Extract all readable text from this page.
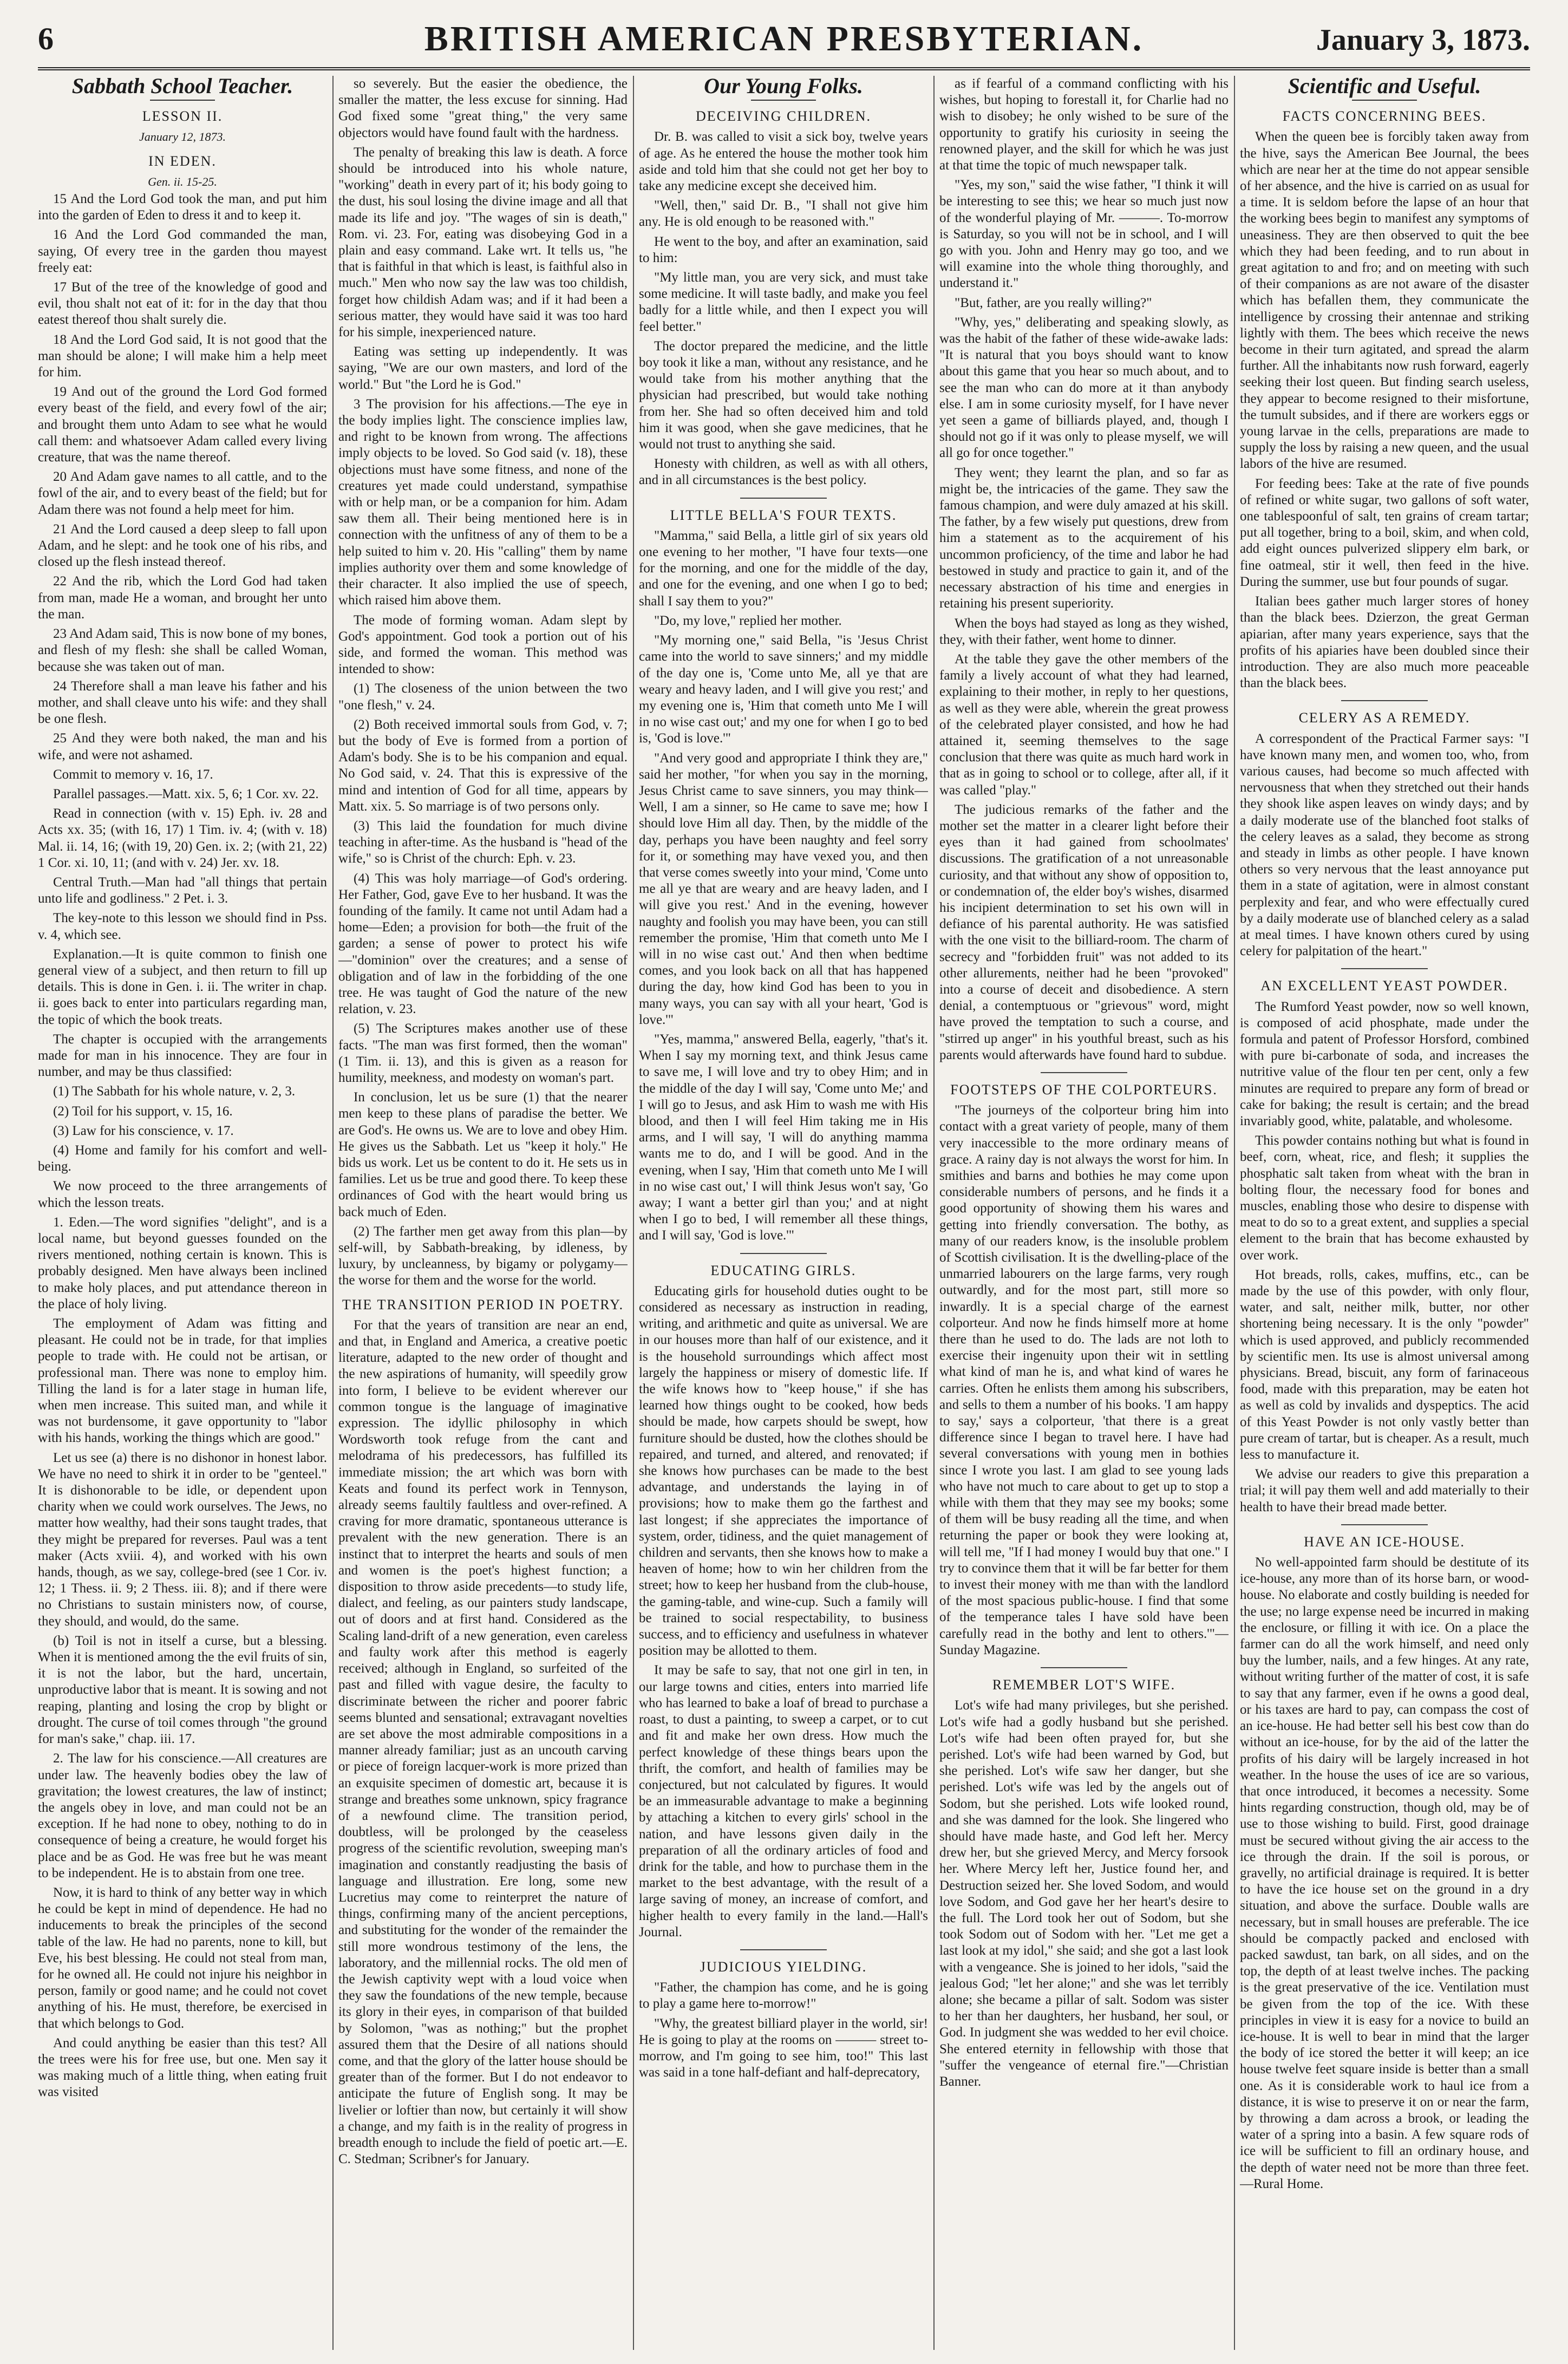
6	BRITISH AMERICAN PRESBYTERIAN.	January 3, 1873.
Sabbath School Teacher.
LESSON II.
January 12, 1873.
IN EDEN.
Gen. ii. 15-25.

15 And the Lord God took the man, and put him into the garden of Eden to dress it and to keep it.

16 And the Lord God commanded the man, saying, Of every tree in the garden thou mayest freely eat:

17 But of the tree of the knowledge of good and evil, thou shalt not eat of it: for in the day that thou eatest thereof thou shalt surely die.

18 And the Lord God said, It is not good that the man should be alone; I will make him a help meet for him.

19 And out of the ground the Lord God formed every beast of the field, and every fowl of the air; and brought them unto Adam to see what he would call them: and whatsoever Adam called every living creature, that was the name thereof.

20 And Adam gave names to all cattle, and to the fowl of the air, and to every beast of the field; but for Adam there was not found a help meet for him.

21 And the Lord caused a deep sleep to fall upon Adam, and he slept: and he took one of his ribs, and closed up the flesh instead thereof.

22 And the rib, which the Lord God had taken from man, made He a woman, and brought her unto the man.

23 And Adam said, This is now bone of my bones, and flesh of my flesh: she shall be called Woman, because she was taken out of man.

24 Therefore shall a man leave his father and his mother, and shall cleave unto his wife: and they shall be one flesh.

25 And they were both naked, the man and his wife, and were not ashamed.

Commit to memory v. 16, 17.

Parallel passages.—Matt. xix. 5, 6; 1 Cor. xv. 22.

Read in connection (with v. 15) Eph. iv. 28 and Acts xx. 35; (with 16, 17) 1 Tim. iv. 4; (with v. 18) Mal. ii. 14, 16; (with 19, 20) Gen. ix. 2; (with 21, 22) 1 Cor. xi. 10, 11; (and with v. 24) Jer. xv. 18.

Central Truth.—Man had "all things that pertain unto life and godliness." 2 Pet. i. 3.

The key-note to this lesson we should find in Pss. v. 4, which see.

Explanation.—It is quite common to finish one general view of a subject, and then return to fill up details. This is done in Gen. i. ii. The writer in chap. ii. goes back to enter into particulars regarding man, the topic of which the book treats.

The chapter is occupied with the arrangements made for man in his innocence. They are four in number, and may be thus classified:

(1) The Sabbath for his whole nature, v. 2, 3.

(2) Toil for his support, v. 15, 16.

(3) Law for his conscience, v. 17.

(4) Home and family for his comfort and well-being.

We now proceed to the three arrangements of which the lesson treats.

1. Eden.—The word signifies "delight", and is a local name, but beyond guesses founded on the rivers mentioned, nothing certain is known. This is probably designed. Men have always been inclined to make holy places, and put attendance thereon in the place of holy living.

The employment of Adam was fitting and pleasant. He could not be in trade, for that implies people to trade with. He could not be artisan, or professional man. There was none to employ him. Tilling the land is for a later stage in human life, when men increase. This suited man, and while it was not burdensome, it gave opportunity to "labor with his hands, working the things which are good."

Let us see (a) there is no dishonor in honest labor. We have no need to shirk it in order to be "genteel." It is dishonorable to be idle, or dependent upon charity when we could work ourselves. The Jews, no matter how wealthy, had their sons taught trades, that they might be prepared for reverses. Paul was a tent maker (Acts xviii. 4), and worked with his own hands, though, as we say, college-bred (see 1 Cor. iv. 12; 1 Thess. ii. 9; 2 Thess. iii. 8); and if there were no Christians to sustain ministers now, of course, they should, and would, do the same.

(b) Toil is not in itself a curse, but a blessing. When it is mentioned among the the evil fruits of sin, it is not the labor, but the hard, uncertain, unproductive labor that is meant. It is sowing and not reaping, planting and losing the crop by blight or drought. The curse of toil comes through "the ground for man's sake," chap. iii. 17.

2. The law for his conscience.—All creatures are under law. The heavenly bodies obey the law of gravitation; the lowest creatures, the law of instinct; the angels obey in love, and man could not be an exception. If he had none to obey, nothing to do in consequence of being a creature, he would forget his place and be as God. He was free but he was meant to be independent. He is to abstain from one tree.

Now, it is hard to think of any better way in which he could be kept in mind of dependence. He had no inducements to break the principles of the second table of the law. He had no parents, none to kill, but Eve, his best blessing. He could not steal from man, for he owned all. He could not injure his neighbor in person, family or good name; and he could not covet anything of his. He must, therefore, be exercised in that which belongs to God.

And could anything be easier than this test? All the trees were his for free use, but one. Men say it was making much of a little thing, when eating fruit was visited

so severely. But the easier the obedience, the smaller the matter, the less excuse for sinning. Had God fixed some "great thing," the very same objectors would have found fault with the hardness.

The penalty of breaking this law is death. A force should be introduced into his whole nature, "working" death in every part of it; his body going to the dust, his soul losing the divine image and all that made its life and joy. "The wages of sin is death," Rom. vi. 23. For, eating was disobeying God in a plain and easy command. Lake wrt. It tells us, "he that is faithful in that which is least, is faithful also in much." Men who now say the law was too childish, forget how childish Adam was; and if it had been a serious matter, they would have said it was too hard for his simple, inexperienced nature.

Eating was setting up independently. It was saying, "We are our own masters, and lord of the world." But "the Lord he is God."

3 The provision for his affections.—The eye in the body implies light. The conscience implies law, and right to be known from wrong. The affections imply objects to be loved. So God said (v. 18), these objections must have some fitness, and none of the creatures yet made could understand, sympathise with or help man, or be a companion for him. Adam saw them all. Their being mentioned here is in connection with the unfitness of any of them to be a help suited to him v. 20. His "calling" them by name implies authority over them and some knowledge of their character. It also implied the use of speech, which raised him above them.

The mode of forming woman. Adam slept by God's appointment. God took a portion out of his side, and formed the woman. This method was intended to show:

(1) The closeness of the union between the two "one flesh," v. 24.

(2) Both received immortal souls from God, v. 7; but the body of Eve is formed from a portion of Adam's body. She is to be his companion and equal. No God said, v. 24. That this is expressive of the mind and intention of God for all time, appears by Matt. xix. 5. So marriage is of two persons only.

(3) This laid the foundation for much divine teaching in after-time. As the husband is "head of the wife," so is Christ of the church: Eph. v. 23.

(4) This was holy marriage—of God's ordering. Her Father, God, gave Eve to her husband. It was the founding of the family. It came not until Adam had a home—Eden; a provision for both—the fruit of the garden; a sense of power to protect his wife—"dominion" over the creatures; and a sense of obligation and of law in the forbidding of the one tree. He was taught of God the nature of the new relation, v. 23.

(5) The Scriptures makes another use of these facts. "The man was first formed, then the woman" (1 Tim. ii. 13), and this is given as a reason for humility, meekness, and modesty on woman's part.

In conclusion, let us be sure (1) that the nearer men keep to these plans of paradise the better. We are God's. He owns us. We are to love and obey Him. He gives us the Sabbath. Let us "keep it holy." He bids us work. Let us be content to do it. He sets us in families. Let us be true and good there. To keep these ordinances of God with the heart would bring us back much of Eden.

(2) The farther men get away from this plan—by self-will, by Sabbath-breaking, by idleness, by luxury, by uncleanness, by bigamy or polygamy—the worse for them and the worse for the world.

THE TRANSITION PERIOD IN POETRY.

For that the years of transition are near an end, and that, in England and America, a creative poetic literature, adapted to the new order of thought and the new aspirations of humanity, will speedily grow into form, I believe to be evident wherever our common tongue is the language of imaginative expression. The idyllic philosophy in which Wordsworth took refuge from the cant and melodrama of his predecessors, has fulfilled its immediate mission; the art which was born with Keats and found its perfect work in Tennyson, already seems faultily faultless and over-refined. A craving for more dramatic, spontaneous utterance is prevalent with the new generation. There is an instinct that to interpret the hearts and souls of men and women is the poet's highest function; a disposition to throw aside precedents—to study life, dialect, and feeling, as our painters study landscape, out of doors and at first hand. Considered as the Scaling land-drift of a new generation, even careless and faulty work after this method is eagerly received; although in England, so surfeited of the past and filled with vague desire, the faculty to discriminate between the richer and poorer fabric seems blunted and sensational; extravagant novelties are set above the most admirable compositions in a manner already familiar; just as an uncouth carving or piece of foreign lacquer-work is more prized than an exquisite specimen of domestic art, because it is strange and breathes some unknown, spicy fragrance of a newfound clime. The transition period, doubtless, will be prolonged by the ceaseless progress of the scientific revolution, sweeping man's imagination and constantly readjusting the basis of language and illustration. Ere long, some new Lucretius may come to reinterpret the nature of things, confirming many of the ancient perceptions, and substituting for the wonder of the remainder the still more wondrous testimony of the lens, the laboratory, and the millennial rocks. The old men of the Jewish captivity wept with a loud voice when they saw the foundations of the new temple, because its glory in their eyes, in comparison of that builded by Solomon, "was as nothing;" but the prophet assured them that the Desire of all nations should come, and that the glory of the latter house should be greater than of the former. But I do not endeavor to anticipate the future of English song. It may be livelier or loftier than now, but certainly it will show a change, and my faith is in the reality of progress in breadth enough to include the field of poetic art.—E. C. Stedman; Scribner's for January.

Our Young Folks.
DECEIVING CHILDREN.

Dr. B. was called to visit a sick boy, twelve years of age. As he entered the house the mother took him aside and told him that she could not get her boy to take any medicine except she deceived him.

"Well, then," said Dr. B., "I shall not give him any. He is old enough to be reasoned with."

He went to the boy, and after an examination, said to him:

"My little man, you are very sick, and must take some medicine. It will taste badly, and make you feel badly for a little while, and then I expect you will feel better."

The doctor prepared the medicine, and the little boy took it like a man, without any resistance, and he would take from his mother anything that the physician had prescribed, but would take nothing from her. She had so often deceived him and told him it was good, when she gave medicines, that he would not trust to anything she said.

Honesty with children, as well as with all others, and in all circumstances is the best policy.

LITTLE BELLA'S FOUR TEXTS.

"Mamma," said Bella, a little girl of six years old one evening to her mother, "I have four texts—one for the morning, and one for the middle of the day, and one for the evening, and one when I go to bed; shall I say them to you?"

"Do, my love," replied her mother.

"My morning one," said Bella, "is 'Jesus Christ came into the world to save sinners;' and my middle of the day one is, 'Come unto Me, all ye that are weary and heavy laden, and I will give you rest;' and my evening one is, 'Him that cometh unto Me I will in no wise cast out;' and my one for when I go to bed is, 'God is love.'"

"And very good and appropriate I think they are," said her mother, "for when you say in the morning, Jesus Christ came to save sinners, you may think—Well, I am a sinner, so He came to save me; how I should love Him all day. Then, by the middle of the day, perhaps you have been naughty and feel sorry for it, or something may have vexed you, and then that verse comes sweetly into your mind, 'Come unto me all ye that are weary and are heavy laden, and I will give you rest.' And in the evening, however naughty and foolish you may have been, you can still remember the promise, 'Him that cometh unto Me I will in no wise cast out.' And then when bedtime comes, and you look back on all that has happened during the day, how kind God has been to you in many ways, you can say with all your heart, 'God is love.'"

"Yes, mamma," answered Bella, eagerly, "that's it. When I say my morning text, and think Jesus came to save me, I will love and try to obey Him; and in the middle of the day I will say, 'Come unto Me;' and I will go to Jesus, and ask Him to wash me with His blood, and then I will feel Him taking me in His arms, and I will say, 'I will do anything mamma wants me to do, and I will be good. And in the evening, when I say, 'Him that cometh unto Me I will in no wise cast out,' I will think Jesus won't say, 'Go away; I want a better girl than you;' and at night when I go to bed, I will remember all these things, and I will say, 'God is love.'"

EDUCATING GIRLS.

Educating girls for household duties ought to be considered as necessary as instruction in reading, writing, and arithmetic and quite as universal. We are in our houses more than half of our existence, and it is the household surroundings which affect most largely the happiness or misery of domestic life. If the wife knows how to "keep house," if she has learned how things ought to be cooked, how beds should be made, how carpets should be swept, how furniture should be dusted, how the clothes should be repaired, and turned, and altered, and renovated; if she knows how purchases can be made to the best advantage, and understands the laying in of provisions; how to make them go the farthest and last longest; if she appreciates the importance of system, order, tidiness, and the quiet management of children and servants, then she knows how to make a heaven of home; how to win her children from the street; how to keep her husband from the club-house, the gaming-table, and wine-cup. Such a family will be trained to social respectability, to business success, and to efficiency and usefulness in whatever position may be allotted to them.

It may be safe to say, that not one girl in ten, in our large towns and cities, enters into married life who has learned to bake a loaf of bread to purchase a roast, to dust a painting, to sweep a carpet, or to cut and fit and make her own dress. How much the perfect knowledge of these things bears upon the thrift, the comfort, and health of families may be conjectured, but not calculated by figures. It would be an immeasurable advantage to make a beginning by attaching a kitchen to every girls' school in the nation, and have lessons given daily in the preparation of all the ordinary articles of food and drink for the table, and how to purchase them in the market to the best advantage, with the result of a large saving of money, an increase of comfort, and higher health to every family in the land.—Hall's Journal.

JUDICIOUS YIELDING.

"Father, the champion has come, and he is going to play a game here to-morrow!"

"Why, the greatest billiard player in the world, sir! He is going to play at the rooms on ——— street to-morrow, and I'm going to see him, too!" This last was said in a tone half-defiant and half-deprecatory,

as if fearful of a command conflicting with his wishes, but hoping to forestall it, for Charlie had no wish to disobey; he only wished to be sure of the opportunity to gratify his curiosity in seeing the renowned player, and the skill for which he was just at that time the topic of much newspaper talk.

"Yes, my son," said the wise father, "I think it will be interesting to see this; we hear so much just now of the wonderful playing of Mr. ———. To-morrow is Saturday, so you will not be in school, and I will go with you. John and Henry may go too, and we will examine into the whole thing thoroughly, and understand it."

"But, father, are you really willing?"

"Why, yes," deliberating and speaking slowly, as was the habit of the father of these wide-awake lads: "It is natural that you boys should want to know about this game that you hear so much about, and to see the man who can do more at it than anybody else. I am in some curiosity myself, for I have never yet seen a game of billiards played, and, though I should not go if it was only to please myself, we will all go for once together."

They went; they learnt the plan, and so far as might be, the intricacies of the game. They saw the famous champion, and were duly amazed at his skill. The father, by a few wisely put questions, drew from him a statement as to the acquirement of his uncommon proficiency, of the time and labor he had bestowed in study and practice to gain it, and of the necessary abstraction of his time and energies in retaining his present superiority.

When the boys had stayed as long as they wished, they, with their father, went home to dinner.

At the table they gave the other members of the family a lively account of what they had learned, explaining to their mother, in reply to her questions, as well as they were able, wherein the great prowess of the celebrated player consisted, and how he had attained it, seeming themselves to the sage conclusion that there was quite as much hard work in that as in going to school or to college, after all, if it was called "play."

The judicious remarks of the father and the mother set the matter in a clearer light before their eyes than it had gained from schoolmates' discussions. The gratification of a not unreasonable curiosity, and that without any show of opposition to, or condemnation of, the elder boy's wishes, disarmed his incipient determination to set his own will in defiance of his parental authority. He was satisfied with the one visit to the billiard-room. The charm of secrecy and "forbidden fruit" was not added to its other allurements, neither had he been "provoked" into a course of deceit and disobedience. A stern denial, a contemptuous or "grievous" word, might have proved the temptation to such a course, and "stirred up anger" in his youthful breast, such as his parents would afterwards have found hard to subdue.

FOOTSTEPS OF THE COLPORTEURS.

"The journeys of the colporteur bring him into contact with a great variety of people, many of them very inaccessible to the more ordinary means of grace. A rainy day is not always the worst for him. In smithies and barns and bothies he may come upon considerable numbers of persons, and he finds it a good opportunity of showing them his wares and getting into friendly conversation. The bothy, as many of our readers know, is the insoluble problem of Scottish civilisation. It is the dwelling-place of the unmarried labourers on the large farms, very rough outwardly, and for the most part, still more so inwardly. It is a special charge of the earnest colporteur. And now he finds himself more at home there than he used to do. The lads are not loth to exercise their ingenuity upon their wit in settling what kind of man he is, and what kind of wares he carries. Often he enlists them among his subscribers, and sells to them a number of his books. 'I am happy to say,' says a colporteur, 'that there is a great difference since I began to travel here. I have had several conversations with young men in bothies since I wrote you last. I am glad to see young lads who have not much to care about to get up to stop a while with them that they may see my books; some of them will be busy reading all the time, and when returning the paper or book they were looking at, will tell me, "If I had money I would buy that one." I try to convince them that it will be far better for them to invest their money with me than with the landlord of the most spacious public-house. I find that some of the temperance tales I have sold have been carefully read in the bothy and lent to others.'"—Sunday Magazine.

REMEMBER LOT'S WIFE.

Lot's wife had many privileges, but she perished. Lot's wife had a godly husband but she perished. Lot's wife had been often prayed for, but she perished. Lot's wife had been warned by God, but she perished. Lot's wife saw her danger, but she perished. Lot's wife was led by the angels out of Sodom, but she perished. Lots wife looked round, and she was damned for the look. She lingered who should have made haste, and God left her. Mercy drew her, but she grieved Mercy, and Mercy forsook her. Where Mercy left her, Justice found her, and Destruction seized her. She loved Sodom, and would love Sodom, and God gave her her heart's desire to the full. The Lord took her out of Sodom, but she took Sodom out of Sodom with her. "Let me get a last look at my idol," she said; and she got a last look with a vengeance. She is joined to her idols, "said the jealous God; "let her alone;" and she was let terribly alone; she became a pillar of salt. Sodom was sister to her than her daughters, her husband, her soul, or God. In judgment she was wedded to her evil choice. She entered eternity in fellowship with those that "suffer the vengeance of eternal fire."—Christian Banner.

Scientific and Useful.
FACTS CONCERNING BEES.

When the queen bee is forcibly taken away from the hive, says the American Bee Journal, the bees which are near her at the time do not appear sensible of her absence, and the hive is carried on as usual for a time. It is seldom before the lapse of an hour that the working bees begin to manifest any symptoms of uneasiness. They are then observed to quit the bee which they had been feeding, and to run about in great agitation to and fro; and on meeting with such of their companions as are not aware of the disaster which has befallen them, they communicate the intelligence by crossing their antennae and striking lightly with them. The bees which receive the news become in their turn agitated, and spread the alarm further. All the inhabitants now rush forward, eagerly seeking their lost queen. But finding search useless, they appear to become resigned to their misfortune, the tumult subsides, and if there are workers eggs or young larvae in the cells, preparations are made to supply the loss by raising a new queen, and the usual labors of the hive are resumed.

For feeding bees: Take at the rate of five pounds of refined or white sugar, two gallons of soft water, one tablespoonful of salt, ten grains of cream tartar; put all together, bring to a boil, skim, and when cold, add eight ounces pulverized slippery elm bark, or fine oatmeal, stir it well, then feed in the hive. During the summer, use but four pounds of sugar.

Italian bees gather much larger stores of honey than the black bees. Dzierzon, the great German apiarian, after many years experience, says that the profits of his apiaries have been doubled since their introduction. They are also much more peaceable than the black bees.

CELERY AS A REMEDY.

A correspondent of the Practical Farmer says: "I have known many men, and women too, who, from various causes, had become so much affected with nervousness that when they stretched out their hands they shook like aspen leaves on windy days; and by a daily moderate use of the blanched foot stalks of the celery leaves as a salad, they become as strong and steady in limbs as other people. I have known others so very nervous that the least annoyance put them in a state of agitation, were in almost constant perplexity and fear, and who were effectually cured by a daily moderate use of blanched celery as a salad at meal times. I have known others cured by using celery for palpitation of the heart."

AN EXCELLENT YEAST POWDER.

The Rumford Yeast powder, now so well known, is composed of acid phosphate, made under the formula and patent of Professor Horsford, combined with pure bi-carbonate of soda, and increases the nutritive value of the flour ten per cent, only a few minutes are required to prepare any form of bread or cake for baking; the result is certain; and the bread invariably good, white, palatable, and wholesome.

This powder contains nothing but what is found in beef, corn, wheat, rice, and flesh; it supplies the phosphatic salt taken from wheat with the bran in bolting flour, the necessary food for bones and muscles, enabling those who desire to dispense with meat to do so to a great extent, and supplies a special element to the brain that has become exhausted by over work.

Hot breads, rolls, cakes, muffins, etc., can be made by the use of this powder, with only flour, water, and salt, neither milk, butter, nor other shortening being necessary. It is the only "powder" which is used approved, and publicly recommended by scientific men. Its use is almost universal among physicians. Bread, biscuit, any form of farinaceous food, made with this preparation, may be eaten hot as well as cold by invalids and dyspeptics. The acid of this Yeast Powder is not only vastly better than pure cream of tartar, but is cheaper. As a result, much less to manufacture it.

We advise our readers to give this preparation a trial; it will pay them well and add materially to their health to have their bread made better.

HAVE AN ICE-HOUSE.

No well-appointed farm should be destitute of its ice-house, any more than of its horse barn, or wood-house. No elaborate and costly building is needed for the use; no large expense need be incurred in making the enclosure, or filling it with ice. On a place the farmer can do all the work himself, and need only buy the lumber, nails, and a few hinges. At any rate, without writing further of the matter of cost, it is safe to say that any farmer, even if he owns a good deal, or his taxes are hard to pay, can compass the cost of an ice-house. He had better sell his best cow than do without an ice-house, for by the aid of the latter the profits of his dairy will be largely increased in hot weather. In the house the uses of ice are so various, that once introduced, it becomes a necessity. Some hints regarding construction, though old, may be of use to those wishing to build. First, good drainage must be secured without giving the air access to the ice through the drain. If the soil is porous, or gravelly, no artificial drainage is required. It is better to have the ice house set on the ground in a dry situation, and above the surface. Double walls are necessary, but in small houses are preferable. The ice should be compactly packed and enclosed with packed sawdust, tan bark, on all sides, and on the top, the depth of at least twelve inches. The packing is the great preservative of the ice. Ventilation must be given from the top of the ice. With these principles in view it is easy for a novice to build an ice-house. It is well to bear in mind that the larger the body of ice stored the better it will keep; an ice house twelve feet square inside is better than a small one. As it is considerable work to haul ice from a distance, it is wise to preserve it on or near the farm, by throwing a dam across a brook, or leading the water of a spring into a basin. A few square rods of ice will be sufficient to fill an ordinary house, and the depth of water need not be more than three feet.—Rural Home.
